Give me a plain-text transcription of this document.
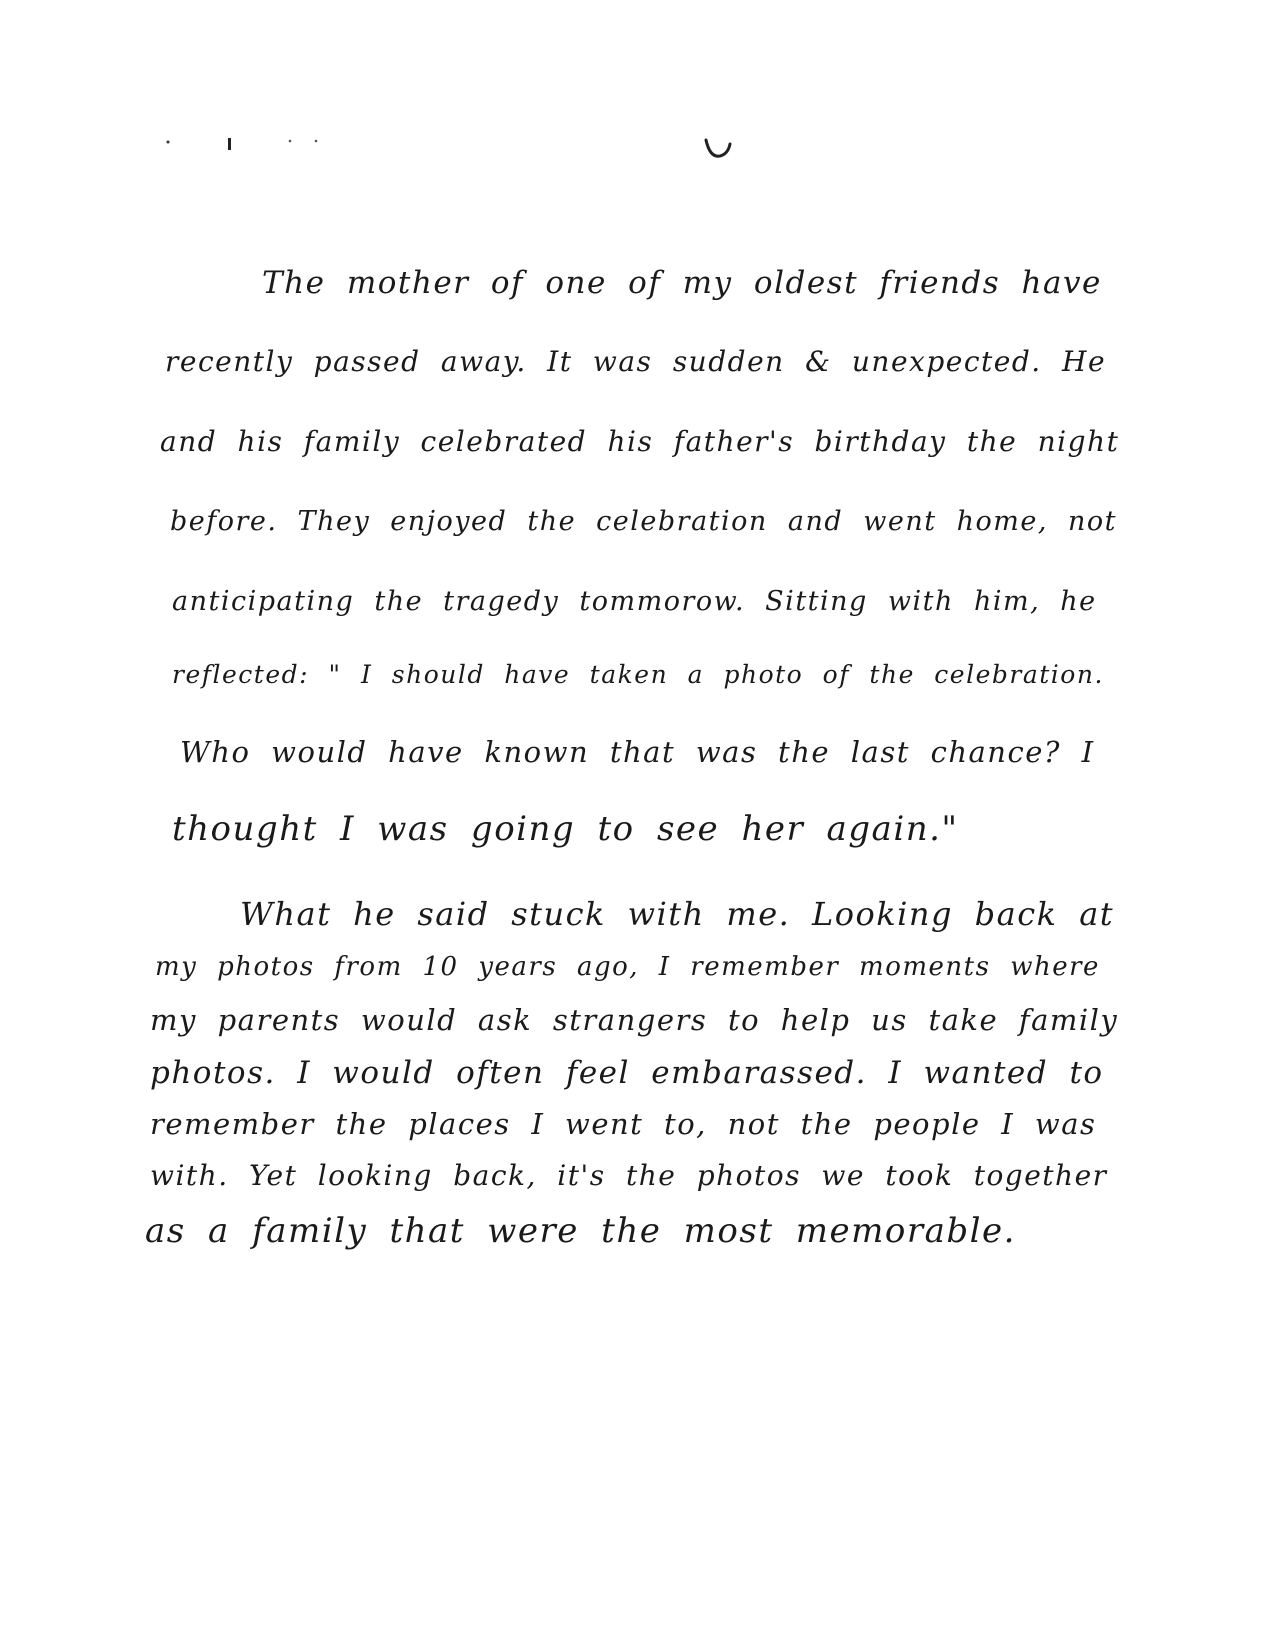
The mother of one of my oldest friends have
recently passed away. It was sudden & unexpected. He
and his family celebrated his father's birthday the night
before. They enjoyed the celebration and went home, not
anticipating the tragedy tommorow. Sitting with him, he
reflected: " I should have taken a photo of the celebration.
Who would have known that was the last chance? I
thought I was going to see her again."
What he said stuck with me. Looking back at
my photos from 10 years ago, I remember moments where
my parents would ask strangers to help us take family
photos. I would often feel embarassed. I wanted to
remember the places I went to, not the people I was
with. Yet looking back, it's the photos we took together
as a family that were the most memorable.
